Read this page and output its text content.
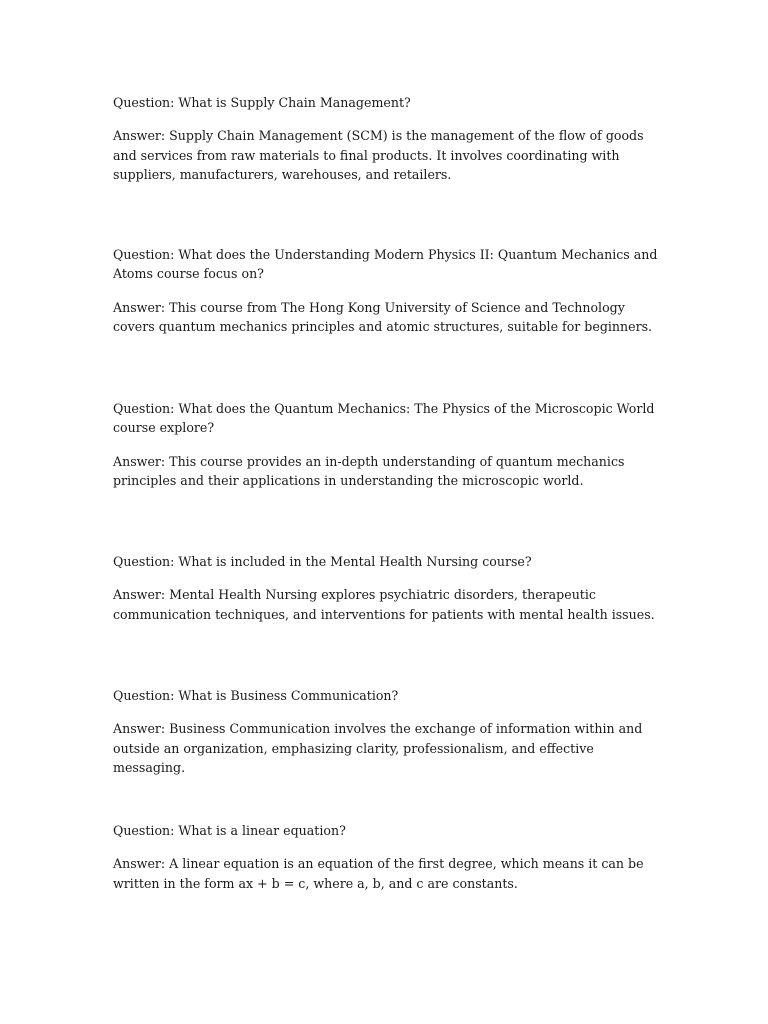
Question: What is Supply Chain Management?

Answer: Supply Chain Management (SCM) is the management of the flow of goods and services from raw materials to final products. It involves coordinating with suppliers, manufacturers, warehouses, and retailers.

Question: What does the Understanding Modern Physics II: Quantum Mechanics and Atoms course focus on?

Answer: This course from The Hong Kong University of Science and Technology covers quantum mechanics principles and atomic structures, suitable for beginners.

Question: What does the Quantum Mechanics: The Physics of the Microscopic World course explore?

Answer: This course provides an in-depth understanding of quantum mechanics principles and their applications in understanding the microscopic world.

Question: What is included in the Mental Health Nursing course?

Answer: Mental Health Nursing explores psychiatric disorders, therapeutic communication techniques, and interventions for patients with mental health issues.

Question: What is Business Communication?

Answer: Business Communication involves the exchange of information within and outside an organization, emphasizing clarity, professionalism, and effective messaging.

Question: What is a linear equation?

Answer: A linear equation is an equation of the first degree, which means it can be written in the form ax + b = c, where a, b, and c are constants.
